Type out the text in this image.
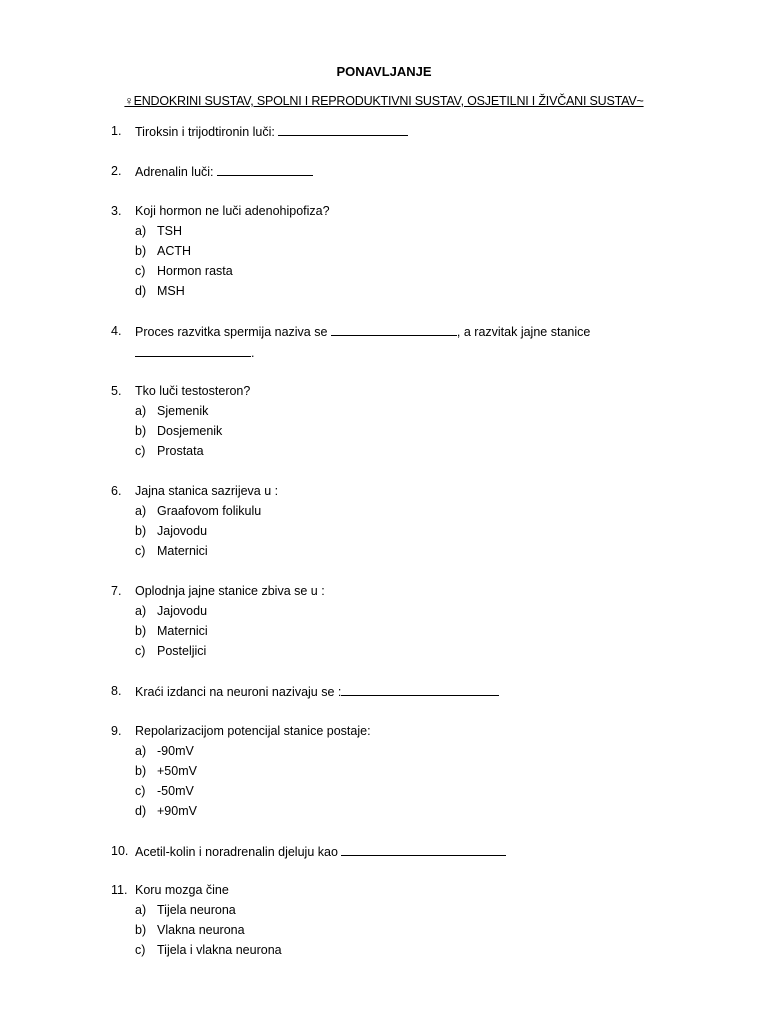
PONAVLJANJE
♀ENDOKRINI SUSTAV, SPOLNI I REPRODUKTIVNI SUSTAV, OSJETILNI I ŽIVČANI SUSTAV~
1. Tiroksin i trijodtironin luči:
2. Adrenalin luči:
3. Koji hormon ne luči adenohipofiza?
a) TSH
b) ACTH
c) Hormon rasta
d) MSH
4. Proces razvitka spermija naziva se	, a razvitak jajne stanice
.
5. Tko luči testosteron?
a) Sjemenik
b) Dosjemenik
c) Prostata
6. Jajna stanica sazrijeva u :
a) Graafovom folikulu
b) Jajovodu
c) Maternici
7. Oplodnja jajne stanice zbiva se u :
a) Jajovodu
b) Maternici
c) Posteljici
8. Kraći izdanci na neuroni nazivaju se :
9. Repolarizacijom potencijal stanice postaje:
a) -90mV
b) +50mV
c) -50mV
d) +90mV
10. Acetil-kolin i noradrenalin djeluju kao
11. Koru mozga čine
a) Tijela neurona
b) Vlakna neurona
c) Tijela i vlakna neurona
